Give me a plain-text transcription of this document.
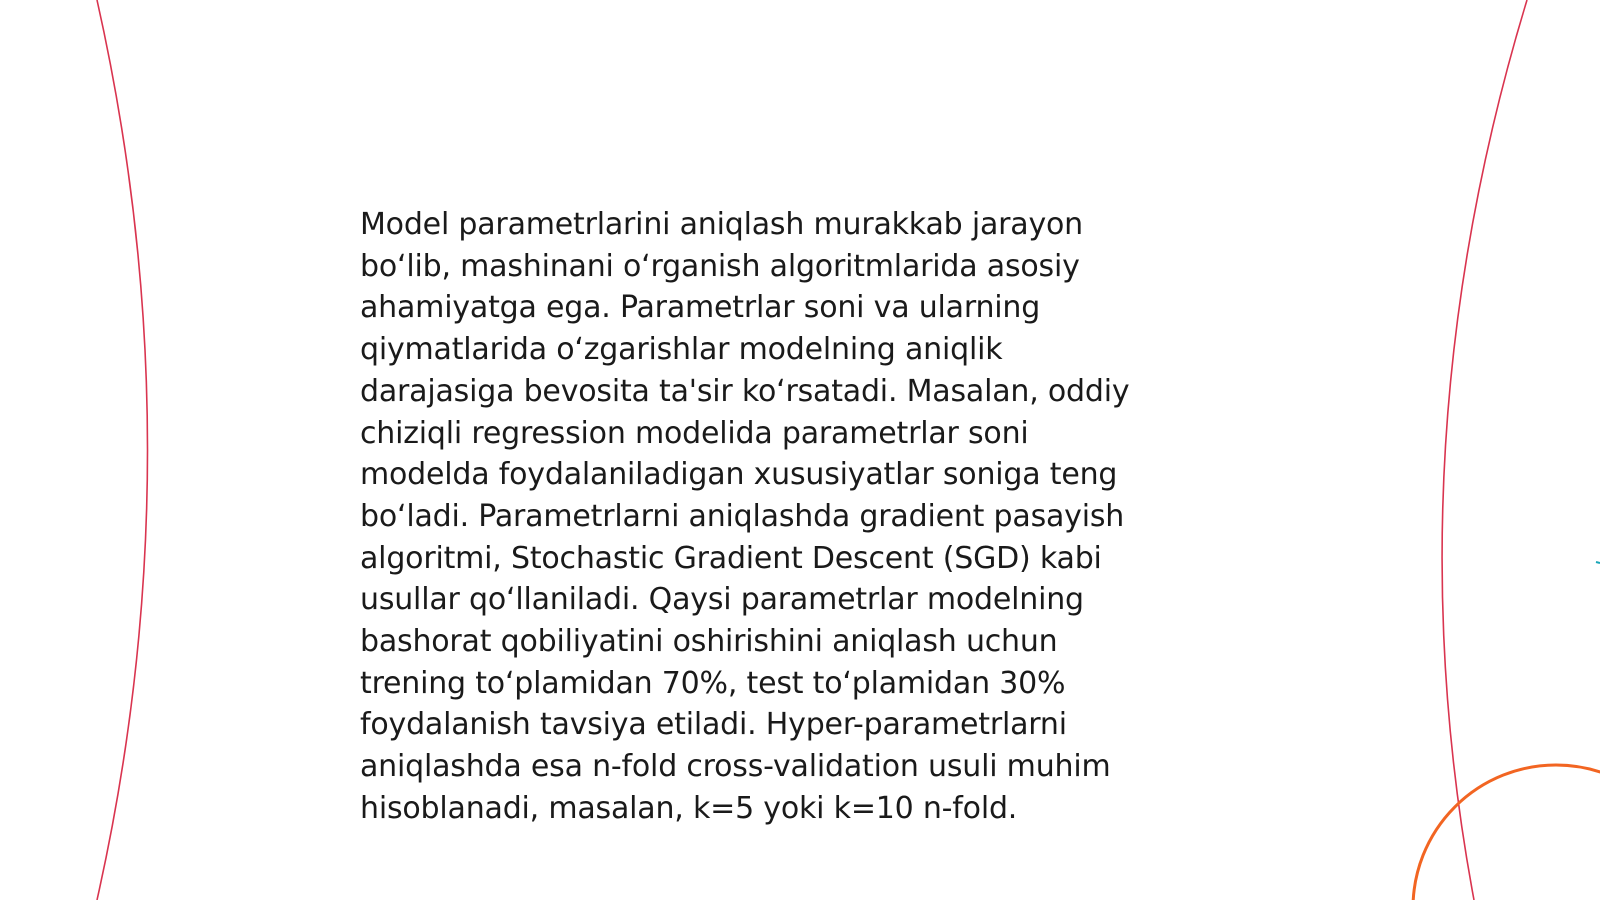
Model parametrlarini aniqlash murakkab jarayon
bo‘lib, mashinani o‘rganish algoritmlarida asosiy
ahamiyatga ega. Parametrlar soni va ularning
qiymatlarida o‘zgarishlar modelning aniqlik
darajasiga bevosita ta'sir ko‘rsatadi. Masalan, oddiy
chiziqli regression modelida parametrlar soni
modelda foydalaniladigan xususiyatlar soniga teng
bo‘ladi. Parametrlarni aniqlashda gradient pasayish
algoritmi, Stochastic Gradient Descent (SGD) kabi
usullar qo‘llaniladi. Qaysi parametrlar modelning
bashorat qobiliyatini oshirishini aniqlash uchun
trening to‘plamidan 70%, test to‘plamidan 30%
foydalanish tavsiya etiladi. Hyper-parametrlarni
aniqlashda esa n-fold cross-validation usuli muhim
hisoblanadi, masalan, k=5 yoki k=10 n-fold.
